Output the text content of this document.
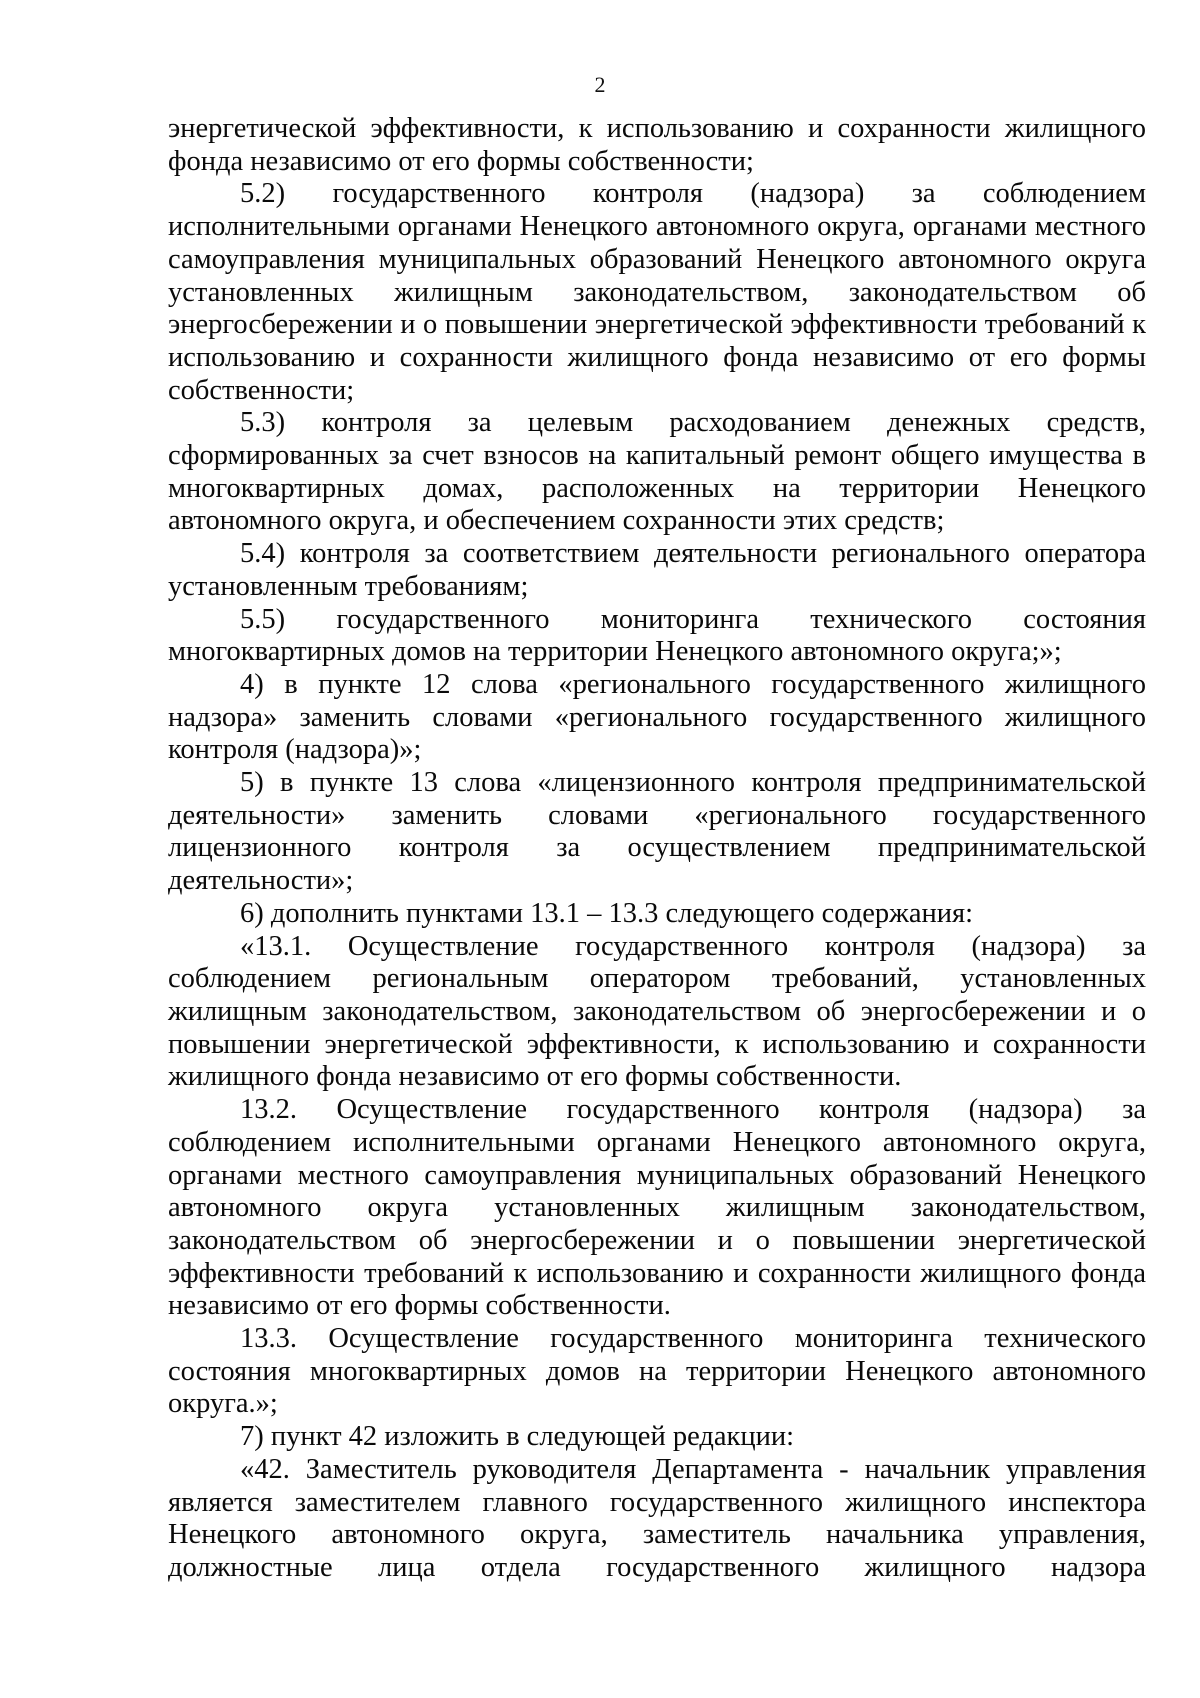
2

энергетической эффективности, к использованию и сохранности жилищного фонда независимо от его формы собственности;

5.2) государственного контроля (надзора) за соблюдением исполнительными органами Ненецкого автономного округа, органами местного самоуправления муниципальных образований Ненецкого автономного округа установленных жилищным законодательством, законодательством об энергосбережении и о повышении энергетической эффективности требований к использованию и сохранности жилищного фонда независимо от его формы собственности;

5.3) контроля за целевым расходованием денежных средств, сформированных за счет взносов на капитальный ремонт общего имущества в многоквартирных домах, расположенных на территории Ненецкого автономного округа, и обеспечением сохранности этих средств;

5.4) контроля за соответствием деятельности регионального оператора установленным требованиям;

5.5) государственного мониторинга технического состояния многоквартирных домов на территории Ненецкого автономного округа;»;

4) в пункте 12 слова «регионального государственного жилищного надзора» заменить словами «регионального государственного жилищного контроля (надзора)»;

5) в пункте 13 слова «лицензионного контроля предпринимательской деятельности» заменить словами «регионального государственного лицензионного контроля за осуществлением предпринимательской деятельности»;

6) дополнить пунктами 13.1 – 13.3 следующего содержания:

«13.1. Осуществление государственного контроля (надзора) за соблюдением региональным оператором требований, установленных жилищным законодательством, законодательством об энергосбережении и о повышении энергетической эффективности, к использованию и сохранности жилищного фонда независимо от его формы собственности.

13.2. Осуществление государственного контроля (надзора) за соблюдением исполнительными органами Ненецкого автономного округа, органами местного самоуправления муниципальных образований Ненецкого автономного округа установленных жилищным законодательством, законодательством об энергосбережении и о повышении энергетической эффективности требований к использованию и сохранности жилищного фонда независимо от его формы собственности.

13.3. Осуществление государственного мониторинга технического состояния многоквартирных домов на территории Ненецкого автономного округа.»;

7) пункт 42 изложить в следующей редакции:

«42. Заместитель руководителя Департамента - начальник управления является заместителем главного государственного жилищного инспектора Ненецкого автономного округа, заместитель начальника управления, должностные лица отдела государственного жилищного надзора
